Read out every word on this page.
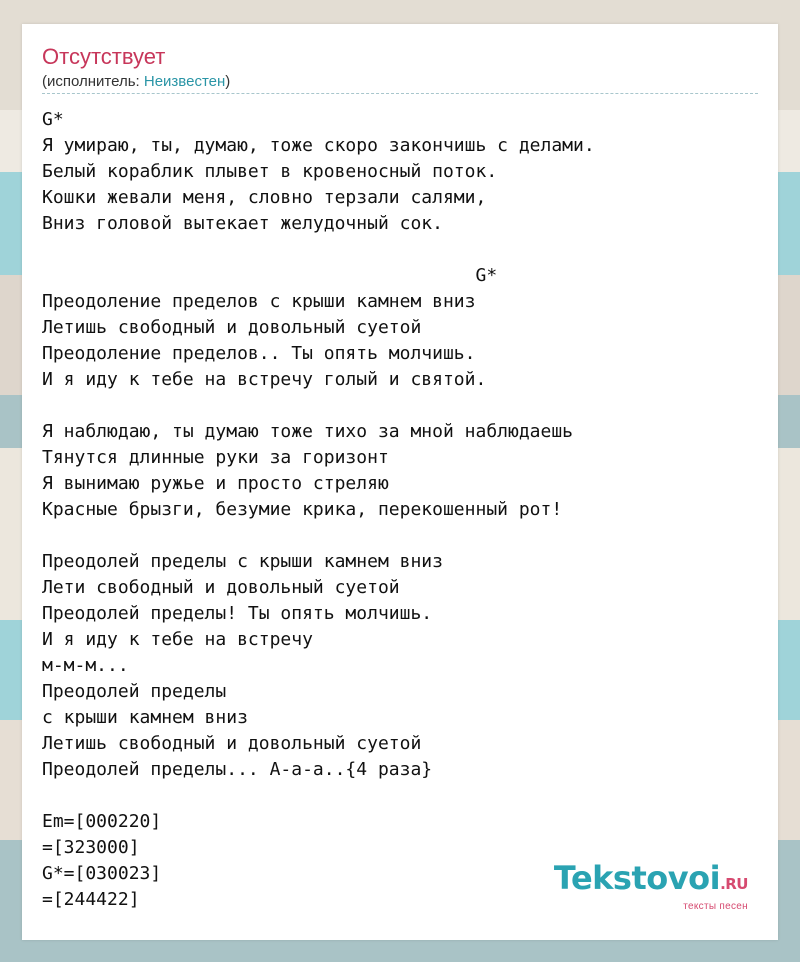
Отсутствует
(исполнитель: Неизвестен)
G*
Я умираю, ты, думаю, тоже скоро закончишь с делами.
Белый кораблик плывет в кровеносный поток.
Кошки жевали меня, словно терзали салями,
Вниз головой вытекает желудочный сок.

G*
Преодоление пределов с крыши камнем вниз
Летишь свободный и довольный суетой
Преодоление пределов.. Ты опять молчишь.
И я иду к тебе на встречу голый и святой.

Я наблюдаю, ты думаю тоже тихо за мной наблюдаешь
Тянутся длинные руки за горизонт
Я вынимаю ружье и просто стреляю
Красные брызги, безумие крика, перекошенный рот!

Преодолей пределы с крыши камнем вниз
Лети свободный и довольный суетой
Преодолей пределы! Ты опять молчишь.
И я иду к тебе на встречу
м-м-м...
Преодолей пределы
с крыши камнем вниз
Летишь свободный и довольный суетой
Преодолей пределы... А-а-а..{4 раза}

Em=[000220]
=[323000]
G*=[030023]
=[244422]
Tekstovoi.RU
тексты песен
